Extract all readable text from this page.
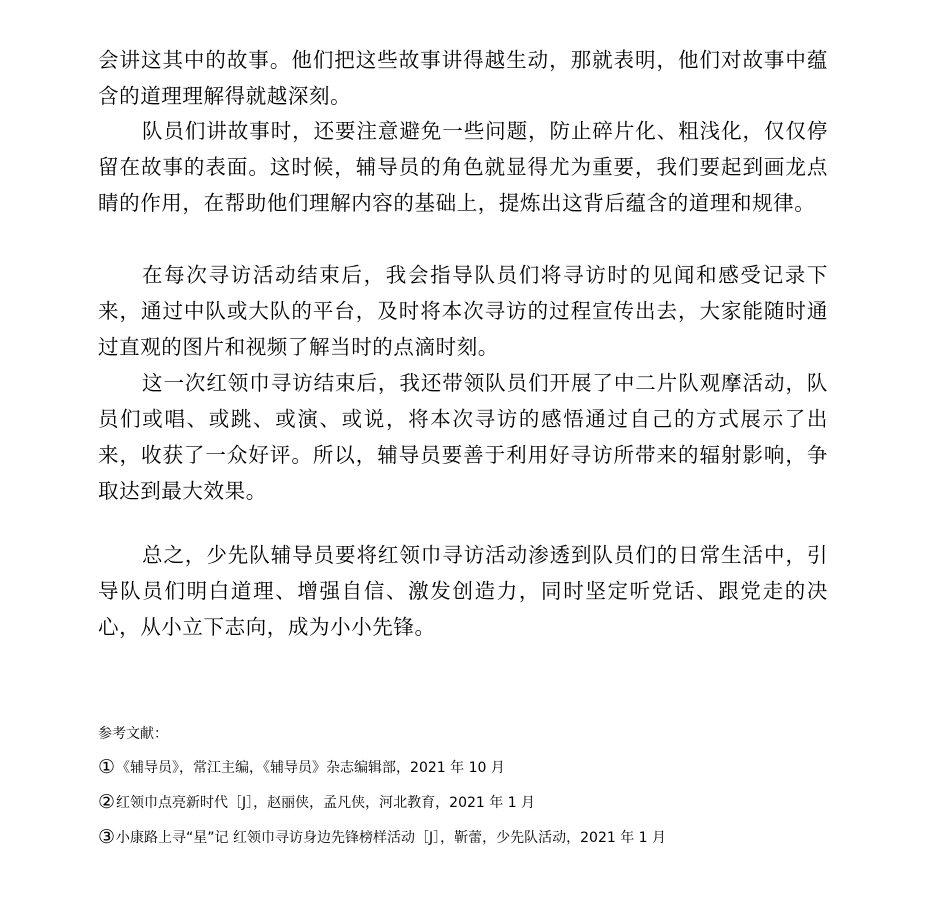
会讲这其中的故事。他们把这些故事讲得越生动，那就表明，他们对故事中蕴含的道理理解得就越深刻。

队员们讲故事时，还要注意避免一些问题，防止碎片化、粗浅化，仅仅停留在故事的表面。这时候，辅导员的角色就显得尤为重要，我们要起到画龙点睛的作用，在帮助他们理解内容的基础上，提炼出这背后蕴含的道理和规律。

在每次寻访活动结束后，我会指导队员们将寻访时的见闻和感受记录下来，通过中队或大队的平台，及时将本次寻访的过程宣传出去，大家能随时通过直观的图片和视频了解当时的点滴时刻。

这一次红领巾寻访结束后，我还带领队员们开展了中二片队观摩活动，队员们或唱、或跳、或演、或说，将本次寻访的感悟通过自己的方式展示了出来，收获了一众好评。所以，辅导员要善于利用好寻访所带来的辐射影响，争取达到最大效果。

总之，少先队辅导员要将红领巾寻访活动渗透到队员们的日常生活中，引导队员们明白道理、增强自信、激发创造力，同时坚定听党话、跟党走的决心，从小立下志向，成为小小先锋。

参考文献：
① 《辅导员》，常江主编，《辅导员》杂志编辑部，2021 年 10 月
② 红领巾点亮新时代［J］，赵丽侠，孟凡侠，河北教育，2021 年 1 月
③ 小康路上寻“星”记 红领巾寻访身边先锋榜样活动［J］，靳蕾，少先队活动，2021 年 1 月
